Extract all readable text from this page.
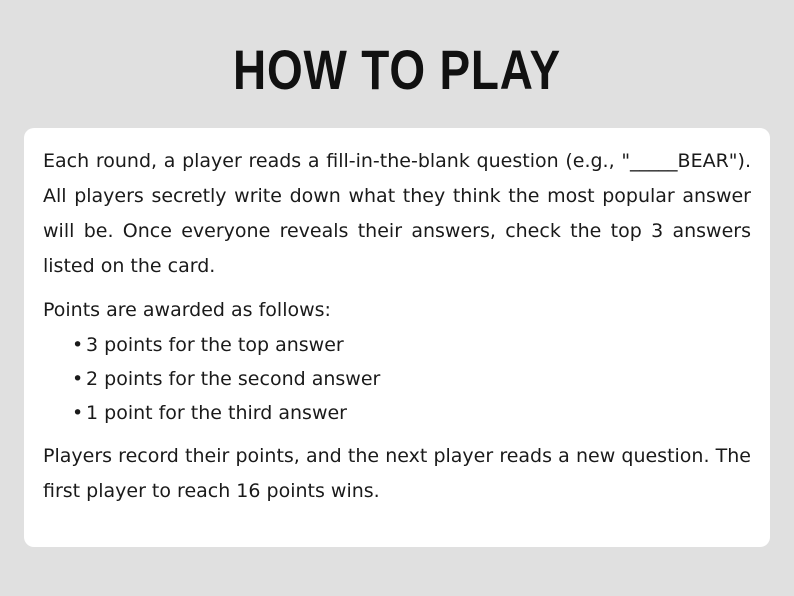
HOW TO PLAY

Each round, a player reads a fill-in-the-blank question (e.g., "_____BEAR"). All players secretly write down what they think the most popular answer will be. Once everyone reveals their answers, check the top 3 answers listed on the card.

Points are awarded as follows:

• 3 points for the top answer
• 2 points for the second answer
• 1 point for the third answer

Players record their points, and the next player reads a new question. The first player to reach 16 points wins.
